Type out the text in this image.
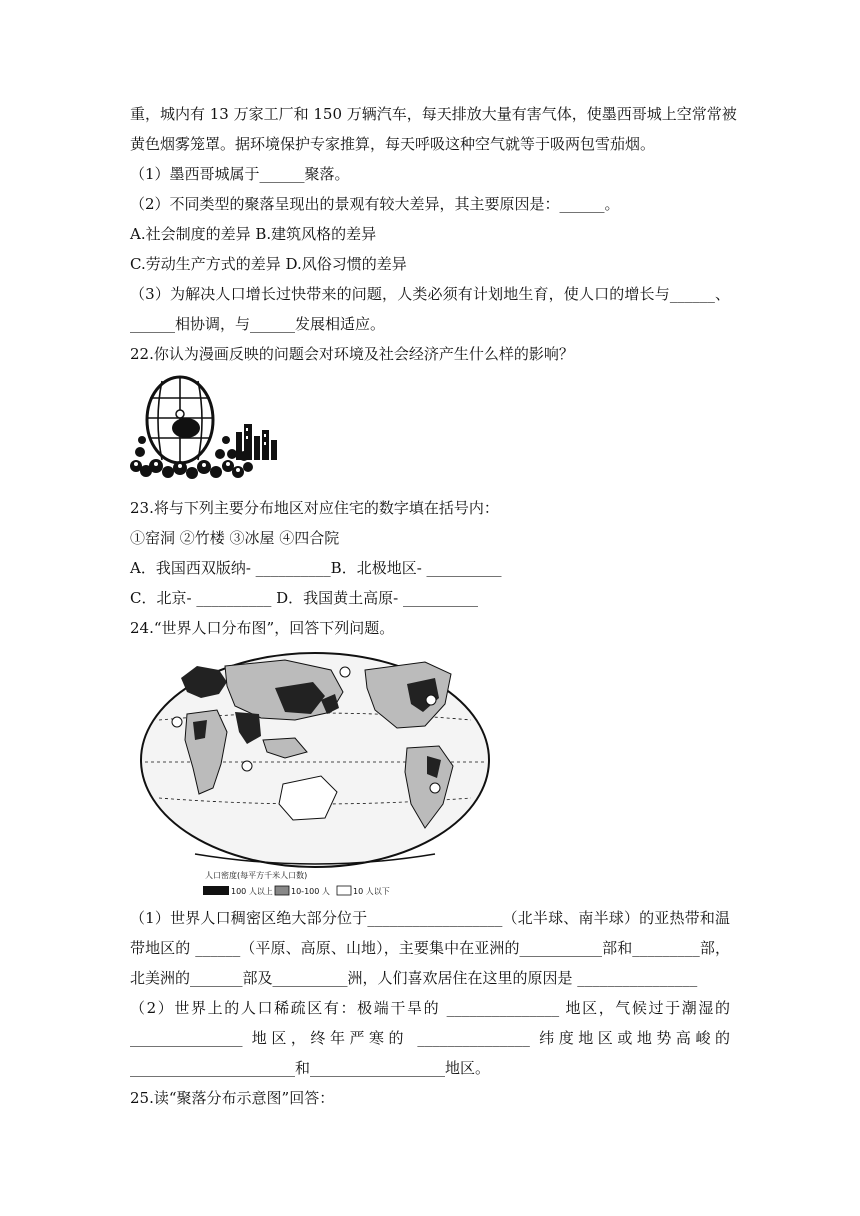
重，城内有 13 万家工厂和 150 万辆汽车，每天排放大量有害气体，使墨西哥城上空常常被
黄色烟雾笼罩。据环境保护专家推算，每天呼吸这种空气就等于吸两包雪茄烟。
（1）墨西哥城属于______聚落。
（2）不同类型的聚落呈现出的景观有较大差异，其主要原因是：______。
A.社会制度的差异 B.建筑风格的差异
C.劳动生产方式的差异 D.风俗习惯的差异
（3）为解决人口增长过快带来的问题，人类必须有计划地生育，使人口的增长与______、
______相协调，与______发展相适应。
22.你认为漫画反映的问题会对环境及社会经济产生什么样的影响？
23.将与下列主要分布地区对应住宅的数字填在括号内：
①窑洞 ②竹楼 ③冰屋 ④四合院
A．我国西双版纳- __________B．北极地区- __________
C．北京- __________ D．我国黄土高原- __________
24.“世界人口分布图”，回答下列问题。
人口密度(每平方千米人口数)
100 人以上 10-100 人	10 人以下
（1）世界人口稠密区绝大部分位于__________________（北半球、南半球）的亚热带和温
带地区的 ______（平原、高原、山地），主要集中在亚洲的___________部和_________部，
北美洲的_______部及__________洲，人们喜欢居住在这里的原因是 ________________
（2）世界上的人口稀疏区有：极端干旱的 _______________ 地区，气候过于潮湿的
_______________ 地区，终年严寒的 _______________ 纬度地区或地势高峻的
______________________和__________________地区。
25.读“聚落分布示意图”回答：
